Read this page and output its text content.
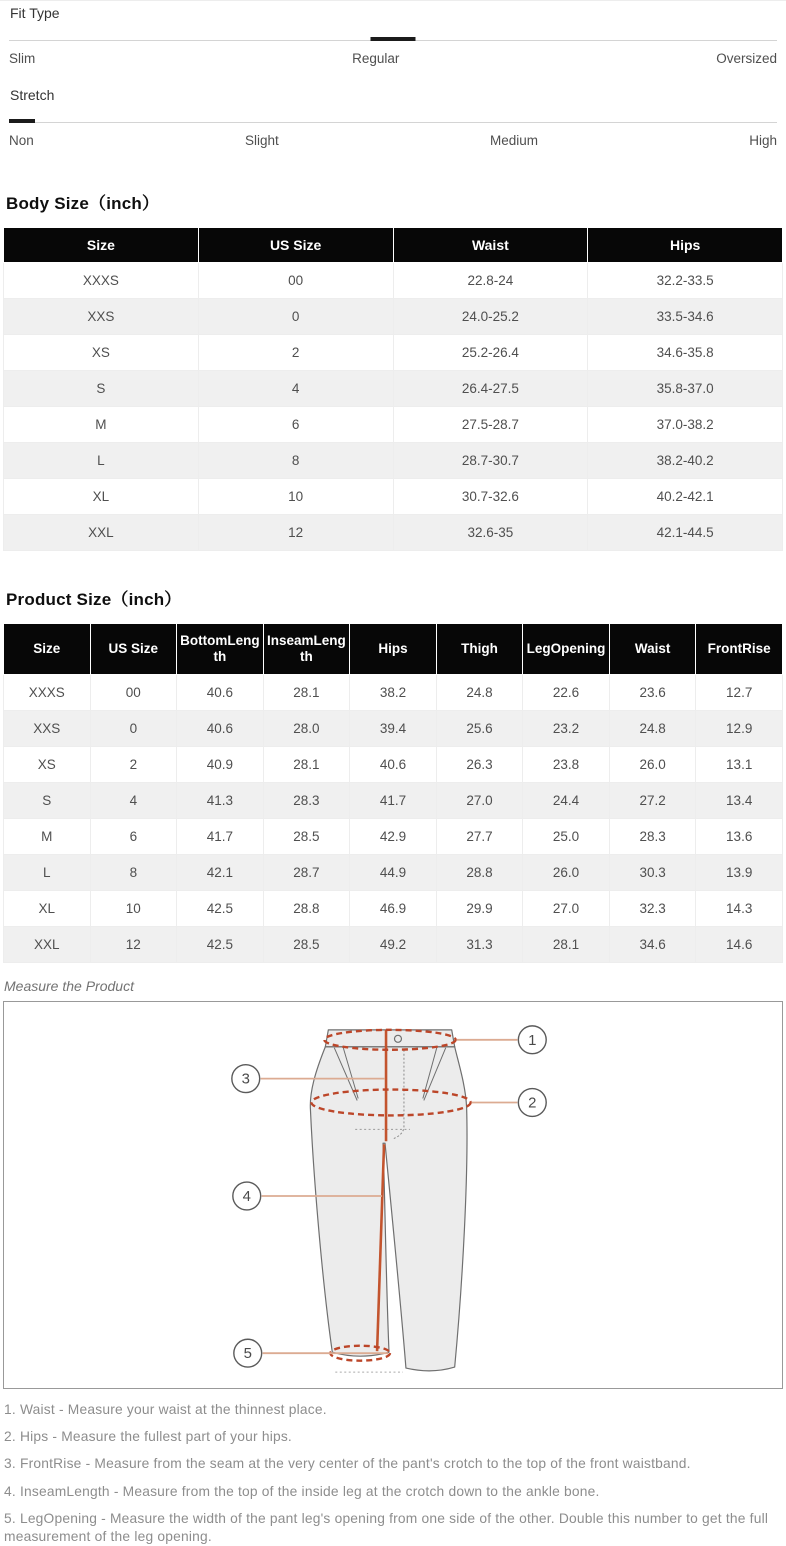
Fit Type
Slim	Regular	Oversized
Stretch
Non	Slight	Medium	High
Body Size（inch）
Size	US Size	Waist	Hips
XXXS	00	22.8-24	32.2-33.5
XXS	0	24.0-25.2	33.5-34.6
XS	2	25.2-26.4	34.6-35.8
S	4	26.4-27.5	35.8-37.0
M	6	27.5-28.7	37.0-38.2
L	8	28.7-30.7	38.2-40.2
XL	10	30.7-32.6	40.2-42.1
XXL	12	32.6-35	42.1-44.5
Product Size（inch）
Size	US Size	BottomLength	InseamLength	Hips	Thigh	LegOpening	Waist	FrontRise
XXXS	00	40.6	28.1	38.2	24.8	22.6	23.6	12.7
XXS	0	40.6	28.0	39.4	25.6	23.2	24.8	12.9
XS	2	40.9	28.1	40.6	26.3	23.8	26.0	13.1
S	4	41.3	28.3	41.7	27.0	24.4	27.2	13.4
M	6	41.7	28.5	42.9	27.7	25.0	28.3	13.6
L	8	42.1	28.7	44.9	28.8	26.0	30.3	13.9
XL	10	42.5	28.8	46.9	29.9	27.0	32.3	14.3
XXL	12	42.5	28.5	49.2	31.3	28.1	34.6	14.6
Measure the Product
1
2
3
4
5

1. Waist - Measure your waist at the thinnest place.

2. Hips - Measure the fullest part of your hips.

3. FrontRise - Measure from the seam at the very center of the pant's crotch to the top of the front waistband.

4. InseamLength - Measure from the top of the inside leg at the crotch down to the ankle bone.

5. LegOpening - Measure the width of the pant leg's opening from one side of the other. Double this number to get the full measurement of the leg opening.
